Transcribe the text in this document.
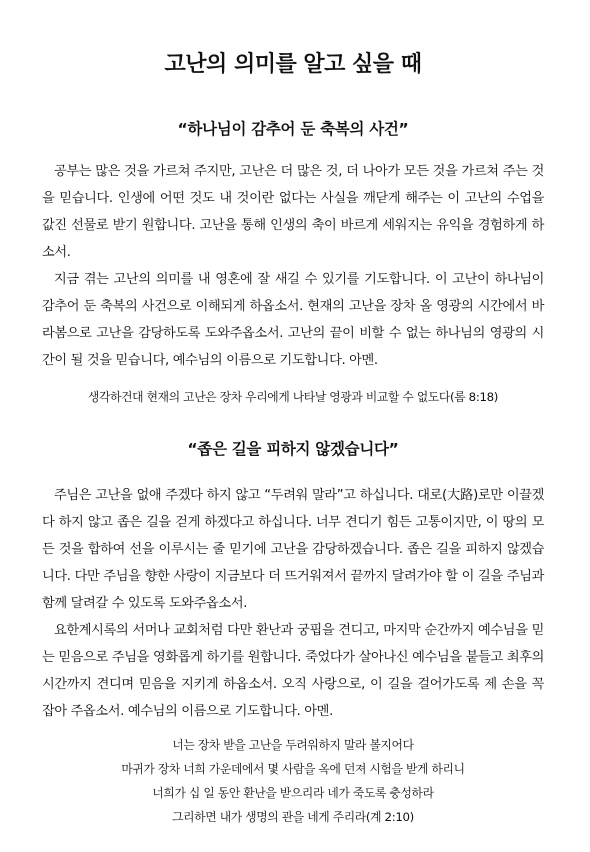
고난의 의미를 알고 싶을 때
“하나님이 감추어 둔 축복의 사건”

공부는 많은 것을 가르쳐 주지만, 고난은 더 많은 것, 더 나아가 모든 것을 가르쳐 주는 것을 믿습니다. 인생에 어떤 것도 내 것이란 없다는 사실을 깨닫게 해주는 이 고난의 수업을 값진 선물로 받기 원합니다. 고난을 통해 인생의 축이 바르게 세워지는 유익을 경험하게 하소서.

지금 겪는 고난의 의미를 내 영혼에 잘 새길 수 있기를 기도합니다. 이 고난이 하나님이 감추어 둔 축복의 사건으로 이해되게 하옵소서. 현재의 고난을 장차 올 영광의 시간에서 바라봄으로 고난을 감당하도록 도와주옵소서. 고난의 끝이 비할 수 없는 하나님의 영광의 시간이 될 것을 믿습니다, 예수님의 이름으로 기도합니다. 아멘.

생각하건대 현재의 고난은 장차 우리에게 나타날 영광과 비교할 수 없도다(롬 8:18)
“좁은 길을 피하지 않겠습니다”

주님은 고난을 없애 주겠다 하지 않고 “두려워 말라”고 하십니다. 대로(大路)로만 이끌겠다 하지 않고 좁은 길을 걷게 하겠다고 하십니다. 너무 견디기 힘든 고통이지만, 이 땅의 모든 것을 합하여 선을 이루시는 줄 믿기에 고난을 감당하겠습니다. 좁은 길을 피하지 않겠습니다. 다만 주님을 향한 사랑이 지금보다 더 뜨거워져서 끝까지 달려가야 할 이 길을 주님과 함께 달려갈 수 있도록 도와주옵소서.

요한계시록의 서머나 교회처럼 다만 환난과 궁핍을 견디고, 마지막 순간까지 예수님을 믿는 믿음으로 주님을 영화롭게 하기를 원합니다. 죽었다가 살아나신 예수님을 붙들고 최후의 시간까지 견디며 믿음을 지키게 하옵소서. 오직 사랑으로, 이 길을 걸어가도록 제 손을 꼭 잡아 주옵소서. 예수님의 이름으로 기도합니다. 아멘.

너는 장차 받을 고난을 두려워하지 말라 볼지어다
마귀가 장차 너희 가운데에서 몇 사람을 옥에 던져 시험을 받게 하리니
너희가 십 일 동안 환난을 받으리라 네가 죽도록 충성하라
그리하면 내가 생명의 관을 네게 주리라(계 2:10)
